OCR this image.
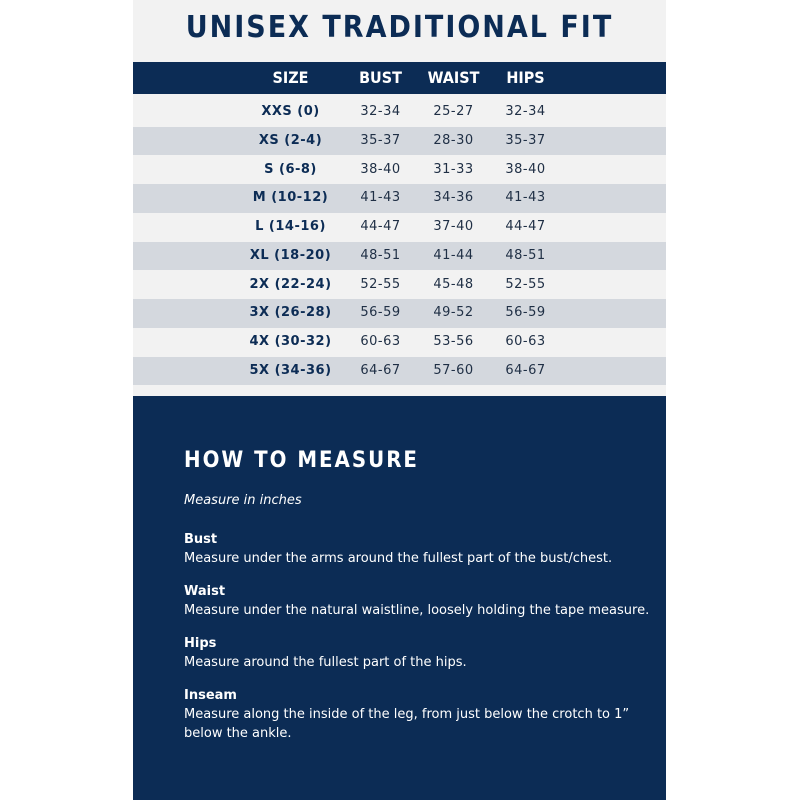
UNISEX TRADITIONAL FIT
SIZE	BUST	WAIST	HIPS
XXS (0)	32-34	25-27	32-34
XS (2-4)	35-37	28-30	35-37
S (6-8)	38-40	31-33	38-40
M (10-12)	41-43	34-36	41-43
L (14-16)	44-47	37-40	44-47
XL (18-20)	48-51	41-44	48-51
2X (22-24)	52-55	45-48	52-55
3X (26-28)	56-59	49-52	56-59
4X (30-32)	60-63	53-56	60-63
5X (34-36)	64-67	57-60	64-67
HOW TO MEASURE
Measure in inches
Bust
Measure under the arms around the fullest part of the bust/chest.
Waist
Measure under the natural waistline, loosely holding the tape measure.
Hips
Measure around the fullest part of the hips.
Inseam
Measure along the inside of the leg, from just below the crotch to 1” below the ankle.
